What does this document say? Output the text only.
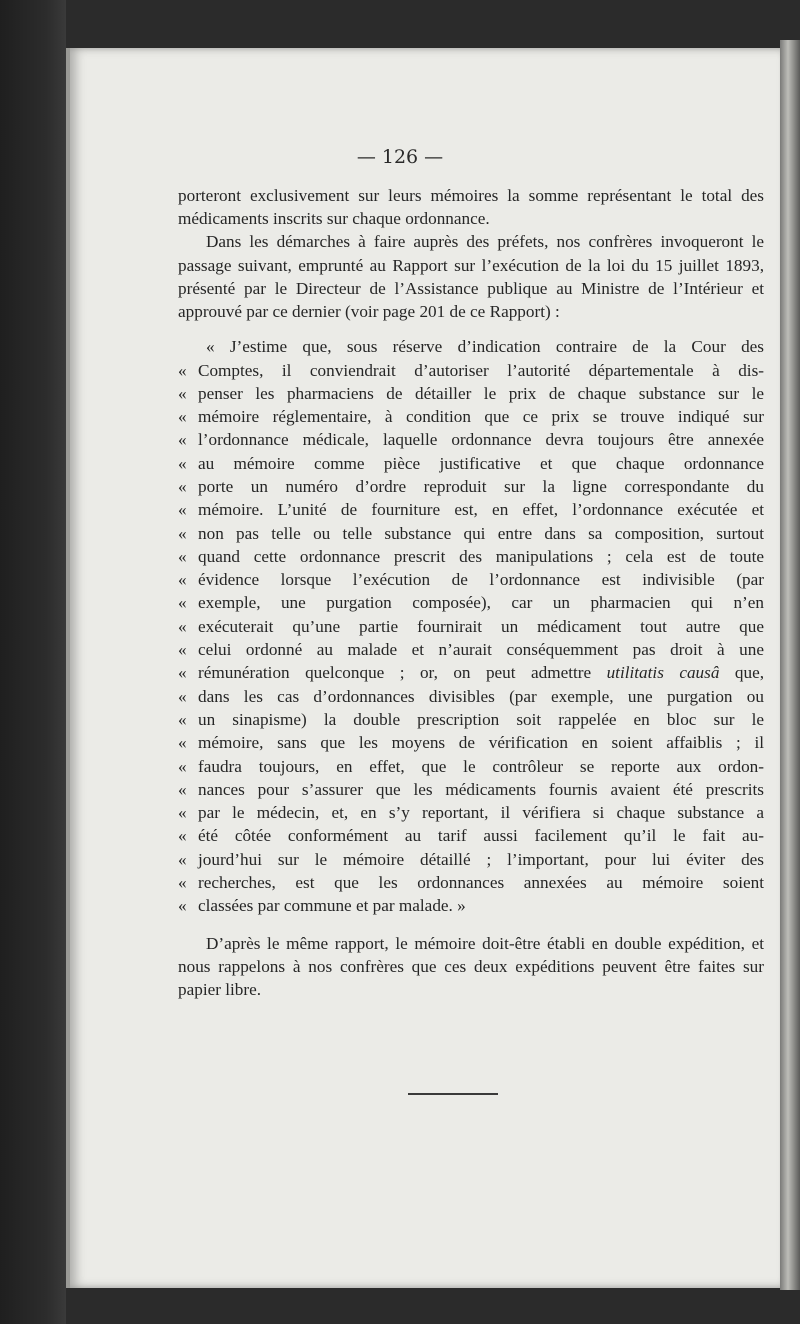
— 126 —

porteront exclusivement sur leurs mémoires la somme représentant le total des médicaments inscrits sur chaque ordonnance.

Dans les démarches à faire auprès des préfets, nos confrères invoqueront le passage suivant, emprunté au Rapport sur l’exécution de la loi du 15 juillet 1893, présenté par le Directeur de l’Assistance publique au Ministre de l’Intérieur et approuvé par ce dernier (voir page 201 de ce Rapport) :

« J’estime que, sous réserve d’indication contraire de la Cour des
« Comptes, il conviendrait d’autoriser l’autorité départementale à dis-
« penser les pharmaciens de détailler le prix de chaque substance sur le
« mémoire réglementaire, à condition que ce prix se trouve indiqué sur
« l’ordonnance médicale, laquelle ordonnance devra toujours être annexée
« au mémoire comme pièce justificative et que chaque ordonnance
« porte un numéro d’ordre reproduit sur la ligne correspondante du
« mémoire. L’unité de fourniture est, en effet, l’ordonnance exécutée et
« non pas telle ou telle substance qui entre dans sa composition, surtout
« quand cette ordonnance prescrit des manipulations ; cela est de toute
« évidence lorsque l’exécution de l’ordonnance est indivisible (par
« exemple, une purgation composée), car un pharmacien qui n’en
« exécuterait qu’une partie fournirait un médicament tout autre que
« celui ordonné au malade et n’aurait conséquemment pas droit à une
« rémunération quelconque ; or, on peut admettre utilitatis causâ que,
« dans les cas d’ordonnances divisibles (par exemple, une purgation ou
« un sinapisme) la double prescription soit rappelée en bloc sur le
« mémoire, sans que les moyens de vérification en soient affaiblis ; il
« faudra toujours, en effet, que le contrôleur se reporte aux ordon-
« nances pour s’assurer que les médicaments fournis avaient été prescrits
« par le médecin, et, en s’y reportant, il vérifiera si chaque substance a
« été côtée conformément au tarif aussi facilement qu’il le fait au-
« jourd’hui sur le mémoire détaillé ; l’important, pour lui éviter des
« recherches, est que les ordonnances annexées au mémoire soient
« classées par commune et par malade. »

D’après le même rapport, le mémoire doit-être établi en double expédition, et nous rappelons à nos confrères que ces deux expéditions peuvent être faites sur papier libre.
